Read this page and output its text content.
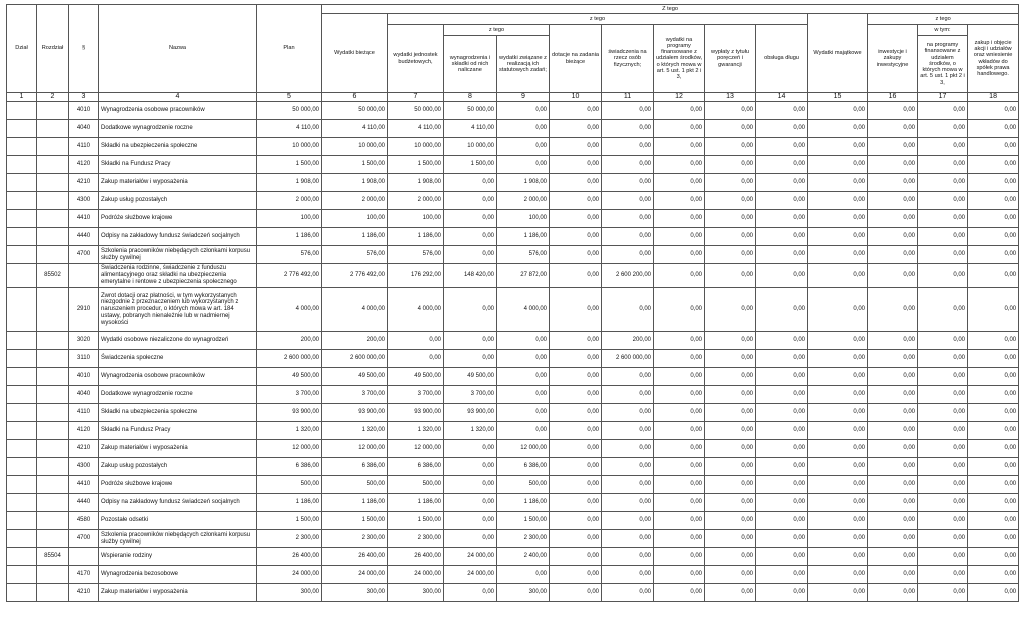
Dział	Rozdział	§	Nazwa	Plan	Z tego												
					Wydatki bieżące	z tego								Wydatki majątkowe	z tego		
						wydatki jednostek budżetowych,	z tego		dotacje na zadania bieżące	świadczenia na rzecz osób fizycznych;	wydatki na programy finansowane z udziałem środków, o których mowa w art. 5 ust. 1 pkt 2 i 3,	wypłaty z tytułu poręczeń i gwarancji	obsługa długu		inwestycje i zakupy inwestycyjne	w tym:	zakup i objęcie akcji i udziałów oraz wniesienie wkładów do spółek prawa handlowego.
							wynagrodzenia i składki od nich naliczane	wydatki związane z realizacją ich statutowych zadań;								na programy finansowane z udziałem środków, o których mowa w art. 5 ust. 1 pkt 2 i 3,	
1	2	3	4	5	6	7	8	9	10	11	12	13	14	15	16	17	18
		4010	Wynagrodzenia osobowe pracowników	50 000,00	50 000,00	50 000,00	50 000,00	0,00	0,00	0,00	0,00	0,00	0,00	0,00	0,00	0,00	0,00
		4040	Dodatkowe wynagrodzenie roczne	4 110,00	4 110,00	4 110,00	4 110,00	0,00	0,00	0,00	0,00	0,00	0,00	0,00	0,00	0,00	0,00
		4110	Składki na ubezpieczenia społeczne	10 000,00	10 000,00	10 000,00	10 000,00	0,00	0,00	0,00	0,00	0,00	0,00	0,00	0,00	0,00	0,00
		4120	Składki na Fundusz Pracy	1 500,00	1 500,00	1 500,00	1 500,00	0,00	0,00	0,00	0,00	0,00	0,00	0,00	0,00	0,00	0,00
		4210	Zakup materiałów i wyposażenia	1 908,00	1 908,00	1 908,00	0,00	1 908,00	0,00	0,00	0,00	0,00	0,00	0,00	0,00	0,00	0,00
		4300	Zakup usług pozostałych	2 000,00	2 000,00	2 000,00	0,00	2 000,00	0,00	0,00	0,00	0,00	0,00	0,00	0,00	0,00	0,00
		4410	Podróże służbowe krajowe	100,00	100,00	100,00	0,00	100,00	0,00	0,00	0,00	0,00	0,00	0,00	0,00	0,00	0,00
		4440	Odpisy na zakładowy fundusz świadczeń socjalnych	1 186,00	1 186,00	1 186,00	0,00	1 186,00	0,00	0,00	0,00	0,00	0,00	0,00	0,00	0,00	0,00
		4700	Szkolenia pracowników niebędących członkami korpusu służby cywilnej	576,00	576,00	576,00	0,00	576,00	0,00	0,00	0,00	0,00	0,00	0,00	0,00	0,00	0,00
	85502		Świadczenia rodzinne, świadczenie z funduszu alimentacyjnego oraz składki na ubezpieczenia emerytalne i rentowe z ubezpieczenia społecznego	2 776 492,00	2 776 492,00	176 292,00	148 420,00	27 872,00	0,00	2 600 200,00	0,00	0,00	0,00	0,00	0,00	0,00	0,00
		2910	Zwrot dotacji oraz płatności, w tym wykorzystanych niezgodnie z przeznaczeniem lub wykorzystanych z naruszeniem procedur, o których mowa w art. 184 ustawy, pobranych nienależnie lub w nadmiernej wysokości	4 000,00	4 000,00	4 000,00	0,00	4 000,00	0,00	0,00	0,00	0,00	0,00	0,00	0,00	0,00	0,00
		3020	Wydatki osobowe niezaliczone do wynagrodzeń	200,00	200,00	0,00	0,00	0,00	0,00	200,00	0,00	0,00	0,00	0,00	0,00	0,00	0,00
		3110	Świadczenia społeczne	2 600 000,00	2 600 000,00	0,00	0,00	0,00	0,00	2 600 000,00	0,00	0,00	0,00	0,00	0,00	0,00	0,00
		4010	Wynagrodzenia osobowe pracowników	49 500,00	49 500,00	49 500,00	49 500,00	0,00	0,00	0,00	0,00	0,00	0,00	0,00	0,00	0,00	0,00
		4040	Dodatkowe wynagrodzenie roczne	3 700,00	3 700,00	3 700,00	3 700,00	0,00	0,00	0,00	0,00	0,00	0,00	0,00	0,00	0,00	0,00
		4110	Składki na ubezpieczenia społeczne	93 900,00	93 900,00	93 900,00	93 900,00	0,00	0,00	0,00	0,00	0,00	0,00	0,00	0,00	0,00	0,00
		4120	Składki na Fundusz Pracy	1 320,00	1 320,00	1 320,00	1 320,00	0,00	0,00	0,00	0,00	0,00	0,00	0,00	0,00	0,00	0,00
		4210	Zakup materiałów i wyposażenia	12 000,00	12 000,00	12 000,00	0,00	12 000,00	0,00	0,00	0,00	0,00	0,00	0,00	0,00	0,00	0,00
		4300	Zakup usług pozostałych	6 386,00	6 386,00	6 386,00	0,00	6 386,00	0,00	0,00	0,00	0,00	0,00	0,00	0,00	0,00	0,00
		4410	Podróże służbowe krajowe	500,00	500,00	500,00	0,00	500,00	0,00	0,00	0,00	0,00	0,00	0,00	0,00	0,00	0,00
		4440	Odpisy na zakładowy fundusz świadczeń socjalnych	1 186,00	1 186,00	1 186,00	0,00	1 186,00	0,00	0,00	0,00	0,00	0,00	0,00	0,00	0,00	0,00
		4580	Pozostałe odsetki	1 500,00	1 500,00	1 500,00	0,00	1 500,00	0,00	0,00	0,00	0,00	0,00	0,00	0,00	0,00	0,00
		4700	Szkolenia pracowników niebędących członkami korpusu służby cywilnej	2 300,00	2 300,00	2 300,00	0,00	2 300,00	0,00	0,00	0,00	0,00	0,00	0,00	0,00	0,00	0,00
	85504		Wspieranie rodziny	26 400,00	26 400,00	26 400,00	24 000,00	2 400,00	0,00	0,00	0,00	0,00	0,00	0,00	0,00	0,00	0,00
		4170	Wynagrodzenia bezosobowe	24 000,00	24 000,00	24 000,00	24 000,00	0,00	0,00	0,00	0,00	0,00	0,00	0,00	0,00	0,00	0,00
		4210	Zakup materiałów i wyposażenia	300,00	300,00	300,00	0,00	300,00	0,00	0,00	0,00	0,00	0,00	0,00	0,00	0,00	0,00
